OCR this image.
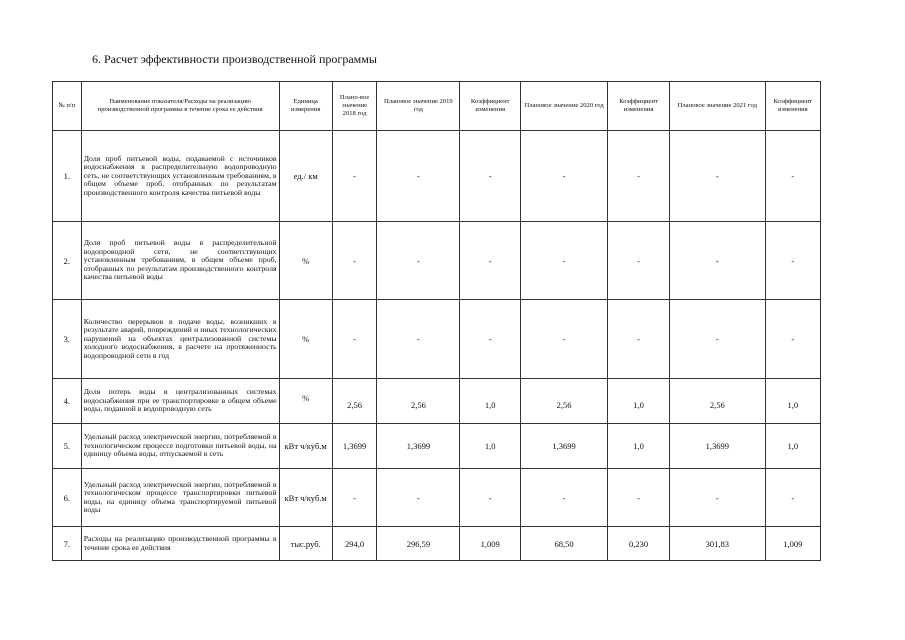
6. Расчет эффективности производственной программы
№ п/п	Наименование показателя/Расходы на реализацию производственной программы в течение срока ее действия	Единица измерения	Плано-вое значение 2018 год	Плановое значение 2019 год	Коэффициент изменения	Плановое значение 2020 год	Коэффициент изменения	Плановое значение 2021 год	Коэффициент изменения
1.	Доля проб питьевой воды, подаваемой с источников водоснабжения в распределительную водопроводную сеть, не соответствующих установленным требованиям, в общем объеме проб, отобранных по результатам производственного контроля качества питьевой воды	ед./ км	-	-	-	-	-	-	-
2.	Доля проб питьевой воды в распределительной водопроводной сети, не соответствующих установленным требованиям, в общем объеме проб, отобранных по результатам производственного контроля качества питьевой воды	%	-	-	-	-	-	-	-
3.	Количество перерывов в подаче воды, возникших в результате аварий, повреждений и иных технологических нарушений на объектах централизованной системы холодного водоснабжения, в расчете на протяженность водопроводной сети в год	%	-	-	-	-	-	-	-
4.	Доля потерь воды в централизованных системах водоснабжения при ее транспортировке в общем объеме воды, поданной в водопроводную сеть	%	2,56	2,56	1,0	2,56	1,0	2,56	1,0
5.	Удельный расход электрической энергии, потребляемой в технологическом процессе подготовки питьевой воды, на единицу объема воды, отпускаемой в сеть	кВт ч/куб.м	1,3699	1,3699	1,0	1,3699	1,0	1,3699	1,0
6.	Удельный расход электрической энергии, потребляемой в технологическом процессе транспортировки питьевой воды, на единицу объема транспортируемой питьевой воды	кВт ч/куб.м	-	-	-	-	-	-	-
7.	Расходы на реализацию производственной программы в течение срока ее действия	тыс.руб.	294,0	296,59	1,009	68,50	0,230	301,83	1,009
